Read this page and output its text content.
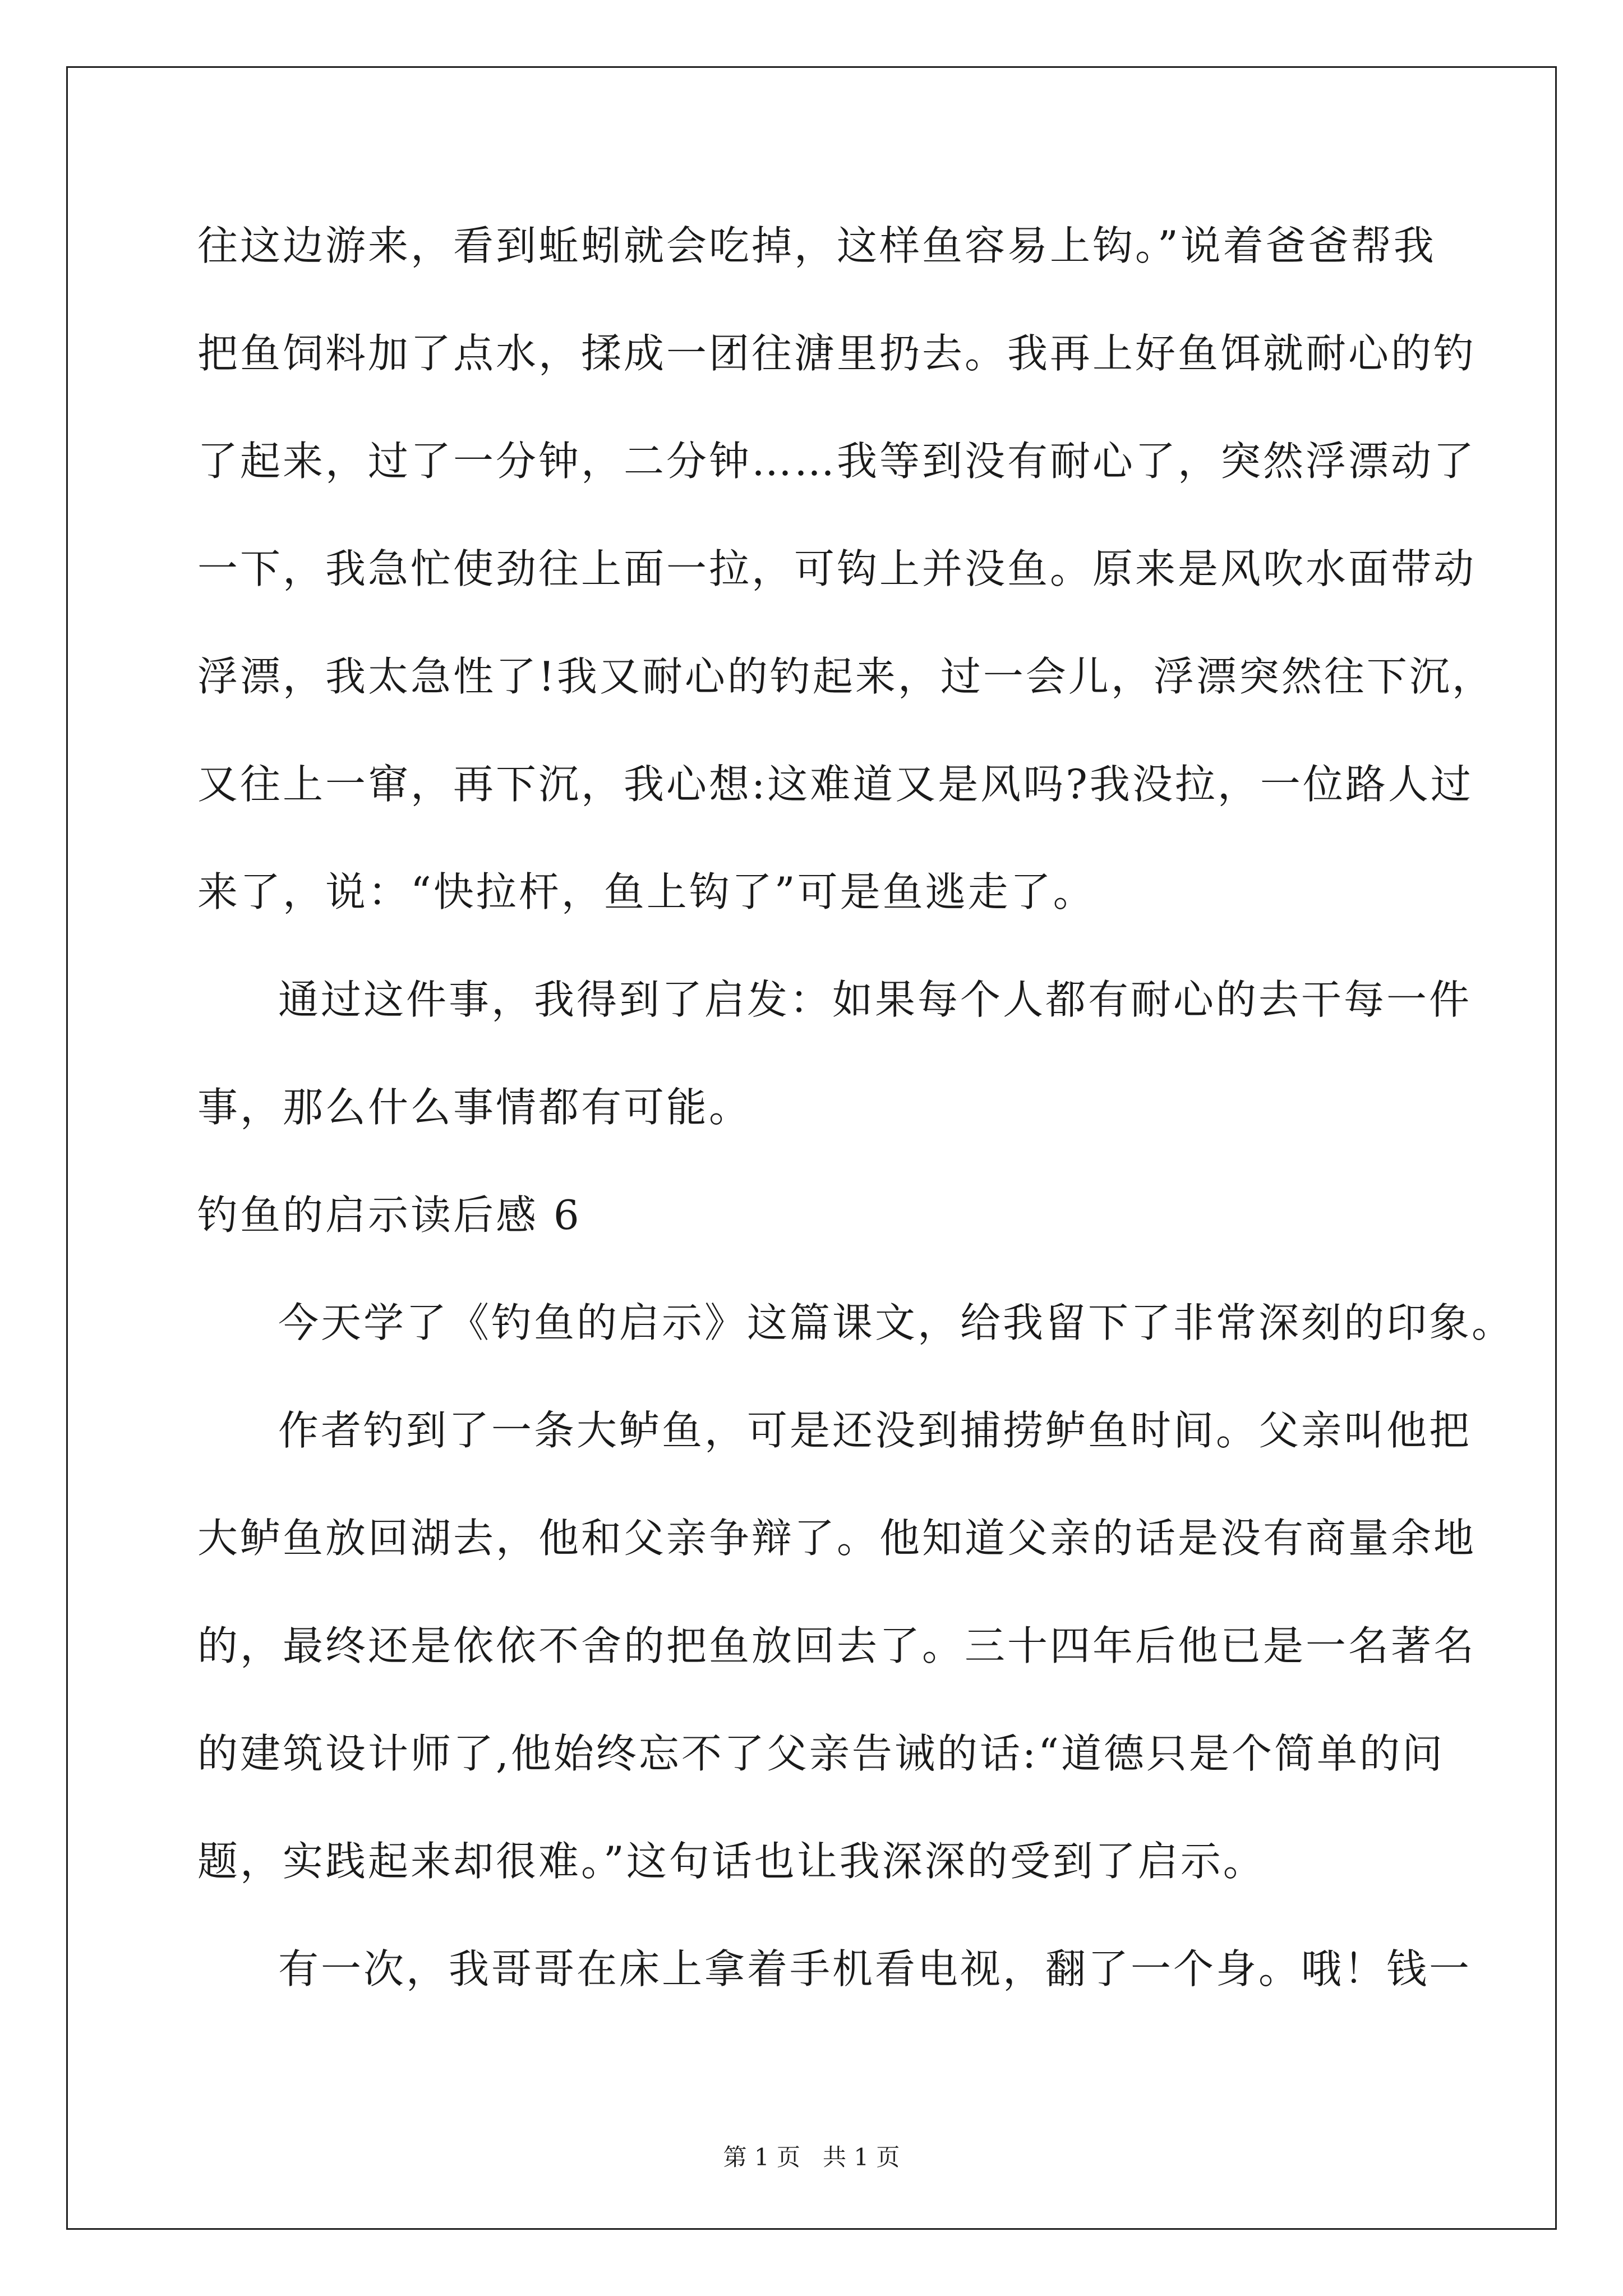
往这边游来，看到蚯蚓就会吃掉，这样鱼容易上钩。”说着爸爸帮我
把鱼饲料加了点水，揉成一团往溏里扔去。我再上好鱼饵就耐心的钓
了起来，过了一分钟，二分钟……我等到没有耐心了，突然浮漂动了
一下，我急忙使劲往上面一拉，可钩上并没鱼。原来是风吹水面带动
浮漂，我太急性了!我又耐心的钓起来，过一会儿，浮漂突然往下沉，
又往上一窜，再下沉，我心想:这难道又是风吗?我没拉，一位路人过
来了，说：“快拉杆，鱼上钩了”可是鱼逃走了。
通过这件事，我得到了启发：如果每个人都有耐心的去干每一件
事，那么什么事情都有可能。
钓鱼的启示读后感 6
今天学了《钓鱼的启示》这篇课文，给我留下了非常深刻的印象。
作者钓到了一条大鲈鱼，可是还没到捕捞鲈鱼时间。父亲叫他把
大鲈鱼放回湖去，他和父亲争辩了。他知道父亲的话是没有商量余地
的，最终还是依依不舍的把鱼放回去了。三十四年后他已是一名著名
的建筑设计师了,他始终忘不了父亲告诫的话:“道德只是个简单的问
题，实践起来却很难。”这句话也让我深深的受到了启示。
有一次，我哥哥在床上拿着手机看电视，翻了一个身。哦！钱一
第 1 页 共 1 页
